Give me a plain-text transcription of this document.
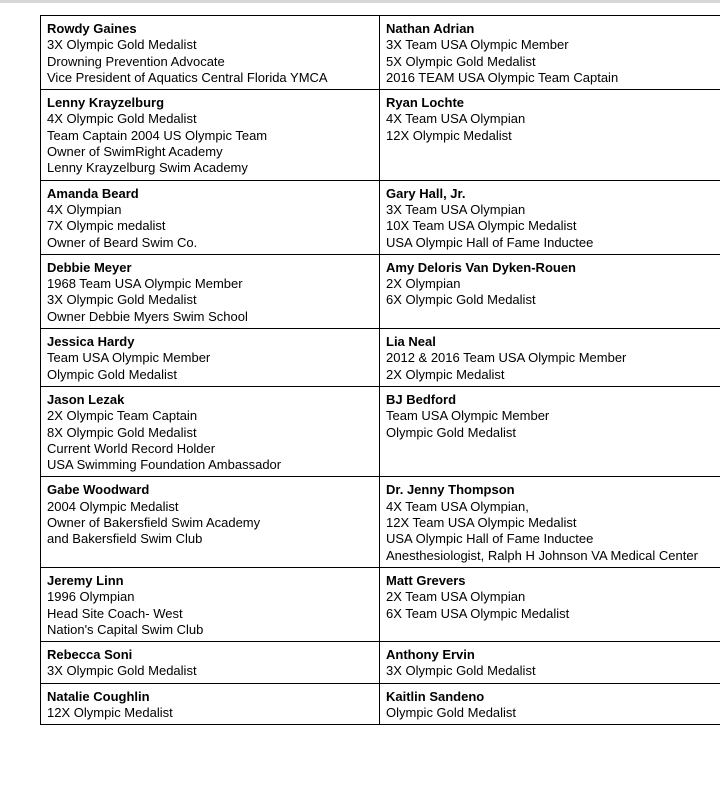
Rowdy Gaines
3X Olympic Gold Medalist
Drowning Prevention Advocate
Vice President of Aquatics Central Florida YMCA	Nathan Adrian
3X Team USA Olympic Member
5X Olympic Gold Medalist
2016 TEAM USA Olympic Team Captain

Lenny Krayzelburg
4X Olympic Gold Medalist
Team Captain 2004 US Olympic Team
Owner of SwimRight Academy
Lenny Krayzelburg Swim Academy	Ryan Lochte
4X Team USA Olympian
12X Olympic Medalist

Amanda Beard
4X Olympian
7X Olympic medalist
Owner of Beard Swim Co.	Gary Hall, Jr.
3X Team USA Olympian
10X Team USA Olympic Medalist
USA Olympic Hall of Fame Inductee

Debbie Meyer
1968 Team USA Olympic Member
3X Olympic Gold Medalist
Owner Debbie Myers Swim School	Amy Deloris Van Dyken-Rouen
2X Olympian
6X Olympic Gold Medalist

Jessica Hardy
Team USA Olympic Member
Olympic Gold Medalist	Lia Neal
2012 & 2016 Team USA Olympic Member
2X Olympic Medalist

Jason Lezak
2X Olympic Team Captain
8X Olympic Gold Medalist
Current World Record Holder
USA Swimming Foundation Ambassador	BJ Bedford
Team USA Olympic Member
Olympic Gold Medalist

Gabe Woodward
2004 Olympic Medalist
Owner of Bakersfield Swim Academy
and Bakersfield Swim Club	Dr. Jenny Thompson
4X Team USA Olympian,
12X Team USA Olympic Medalist
USA Olympic Hall of Fame Inductee
Anesthesiologist, Ralph H Johnson VA Medical Center

Jeremy Linn
1996 Olympian
Head Site Coach- West
Nation's Capital Swim Club	Matt Grevers
2X Team USA Olympian
6X Team USA Olympic Medalist

Rebecca Soni
3X Olympic Gold Medalist	Anthony Ervin
3X Olympic Gold Medalist

Natalie Coughlin
12X Olympic Medalist	Kaitlin Sandeno
Olympic Gold Medalist
